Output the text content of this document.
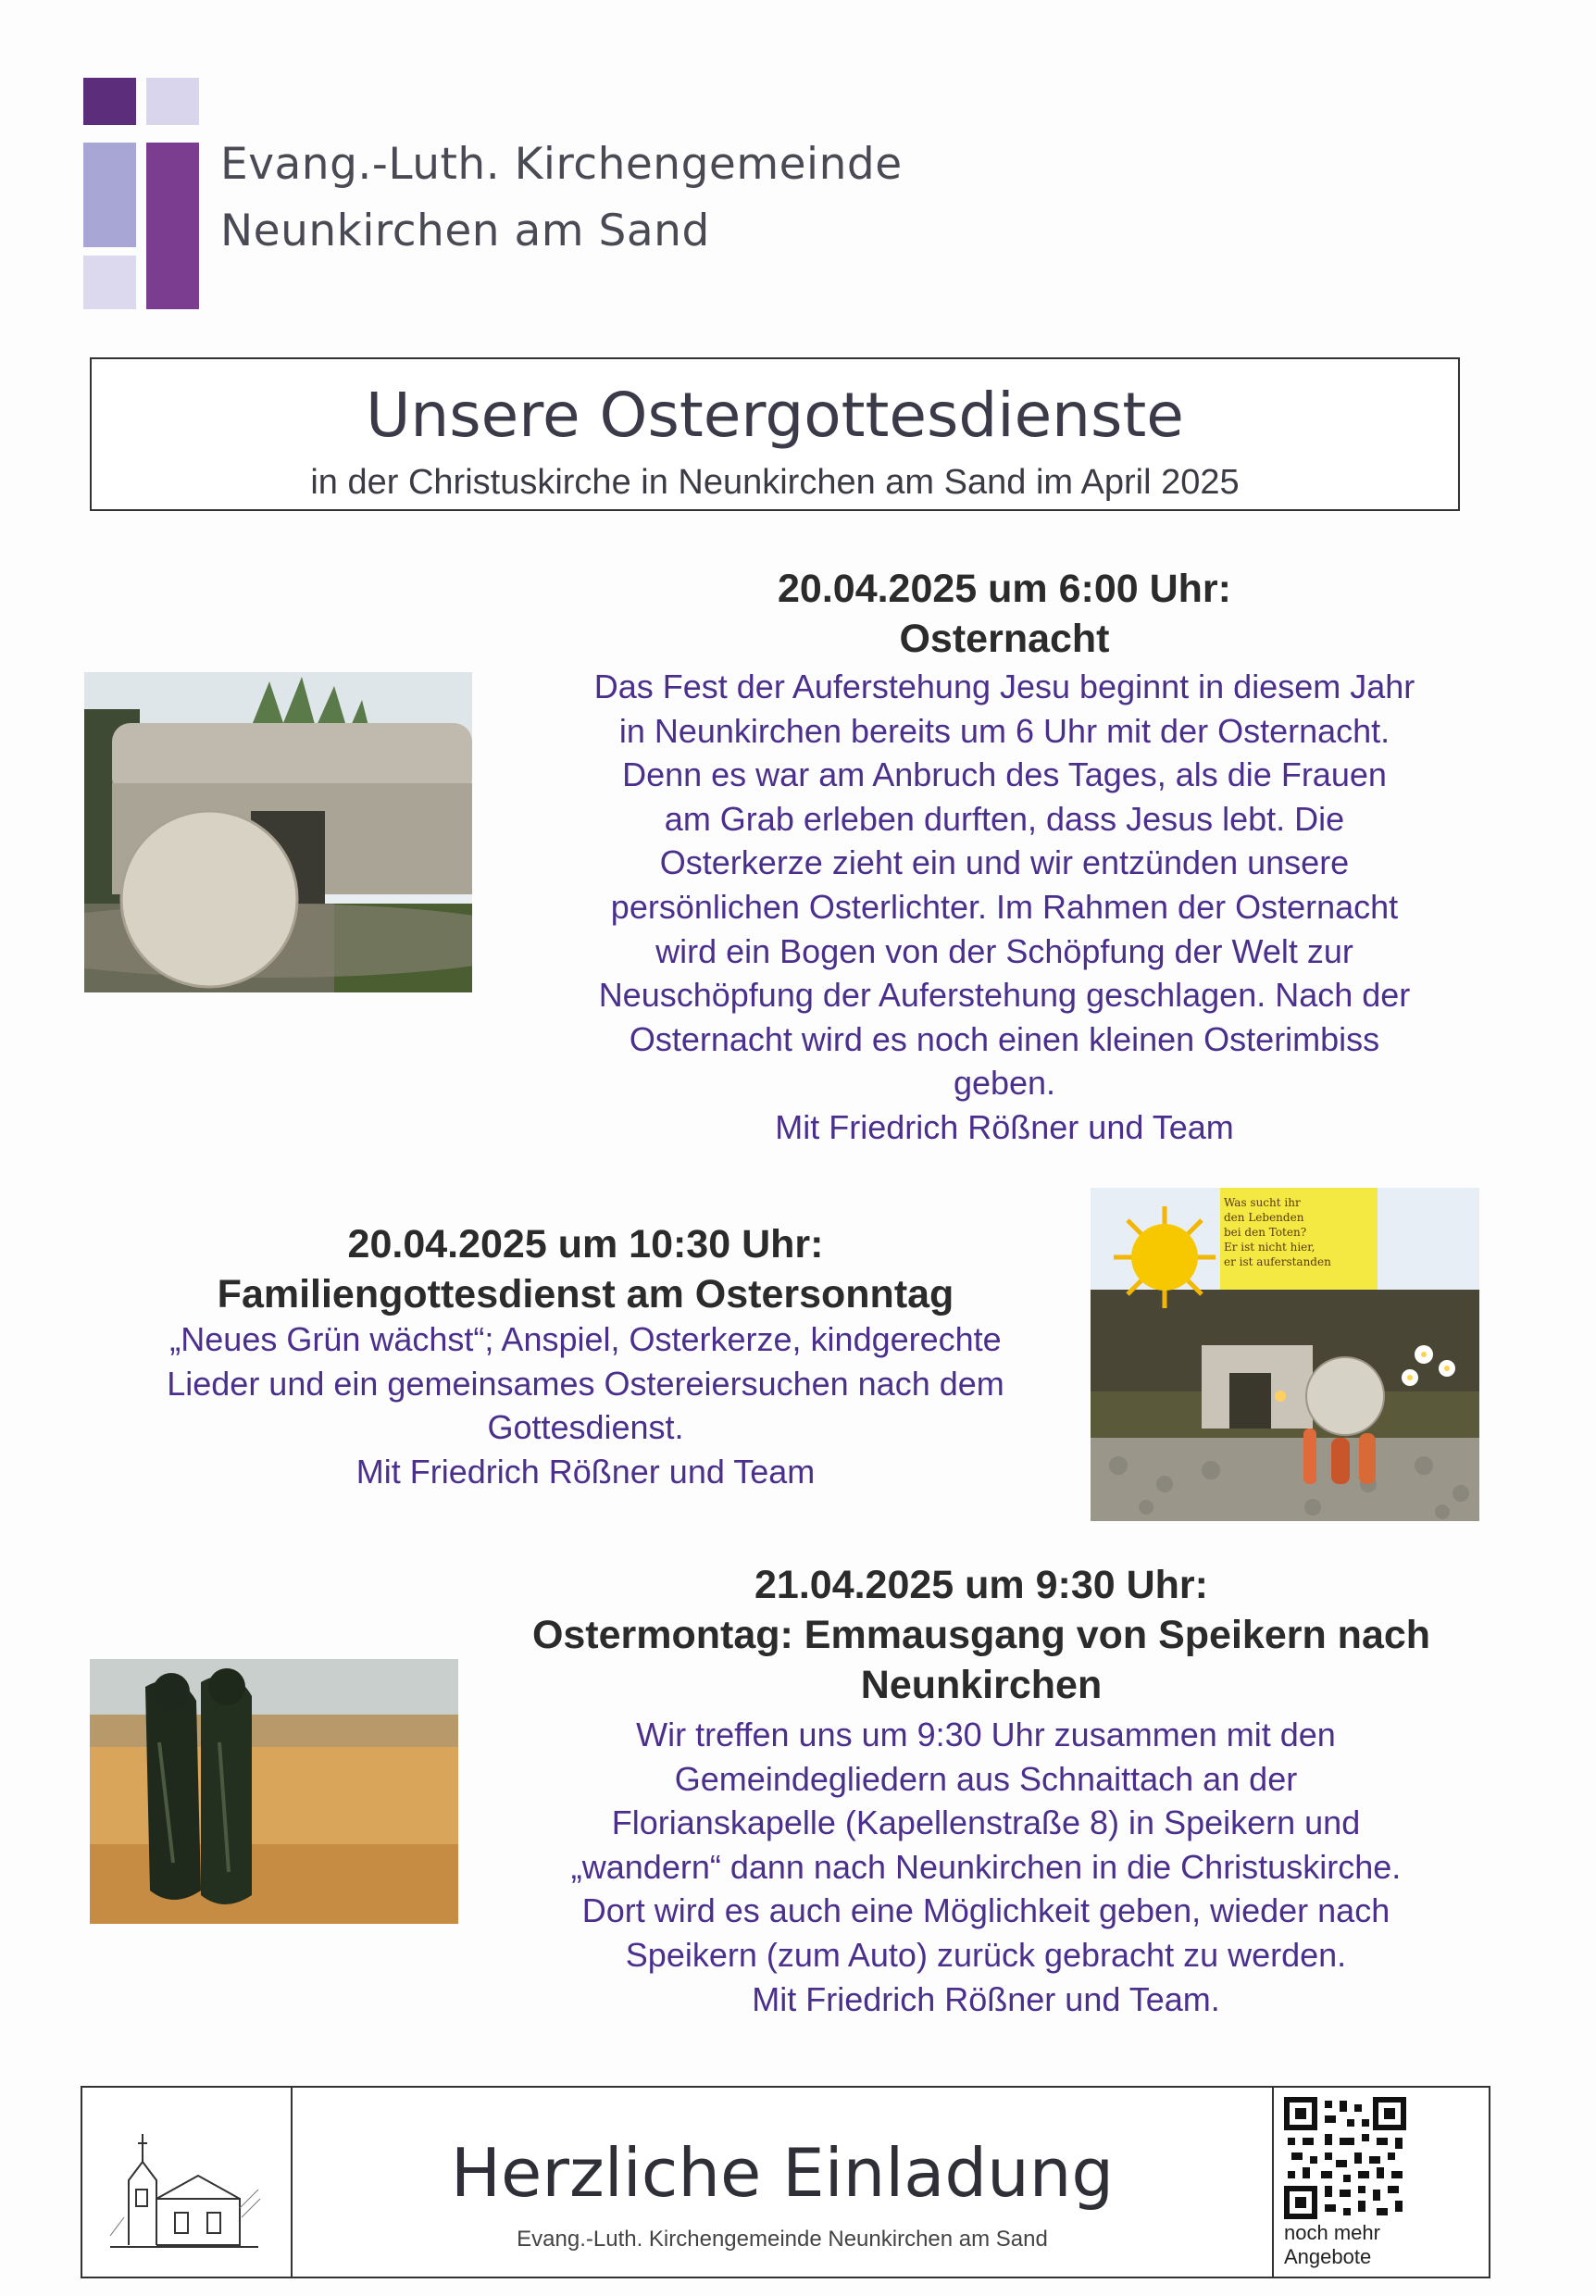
Evang.-Luth. Kirchengemeinde
Neunkirchen am Sand
Unsere Ostergottesdienste
in der Christuskirche in Neunkirchen am Sand im April 2025
20.04.2025 um 6:00 Uhr:
Osternacht

Das Fest der Auferstehung Jesu beginnt in diesem Jahr

in Neunkirchen bereits um 6 Uhr mit der Osternacht.

Denn es war am Anbruch des Tages, als die Frauen

am Grab erleben durften, dass Jesus lebt. Die

Osterkerze zieht ein und wir entzünden unsere

persönlichen Osterlichter. Im Rahmen der Osternacht

wird ein Bogen von der Schöpfung der Welt zur

Neuschöpfung der Auferstehung geschlagen. Nach der

Osternacht wird es noch einen kleinen Osterimbiss

geben.

Mit Friedrich Rößner und Team

20.04.2025 um 10:30 Uhr:
Familiengottesdienst am Ostersonntag

„Neues Grün wächst“; Anspiel, Osterkerze, kindgerechte

Lieder und ein gemeinsames Ostereiersuchen nach dem

Gottesdienst.

Mit Friedrich Rößner und Team

Was sucht ihr
den Lebenden
bei den Toten?
Er ist nicht hier,
er ist auferstanden
21.04.2025 um 9:30 Uhr:
Ostermontag: Emmausgang von Speikern nach
Neunkirchen

Wir treffen uns um 9:30 Uhr zusammen mit den

Gemeindegliedern aus Schnaittach an der

Florianskapelle (Kapellenstraße 8) in Speikern und

„wandern“ dann nach Neunkirchen in die Christuskirche.

Dort wird es auch eine Möglichkeit geben, wieder nach

Speikern (zum Auto) zurück gebracht zu werden.

Mit Friedrich Rößner und Team.

Herzliche Einladung
Evang.-Luth. Kirchengemeinde Neunkirchen am Sand	noch mehr
Angebote
